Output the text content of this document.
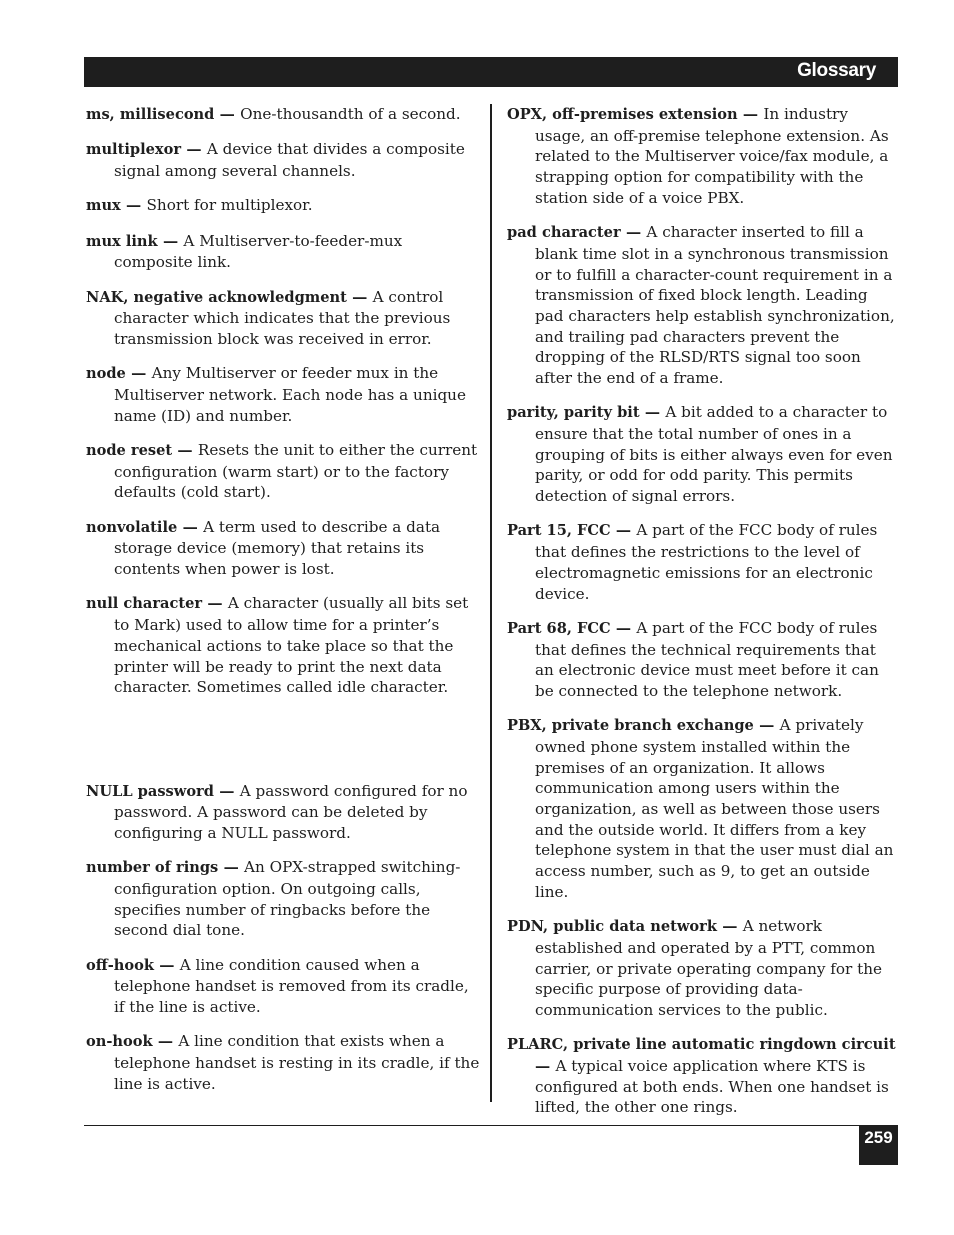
Glossary

ms, millisecond — One-thousandth of a second.

multiplexor — A device that divides a composite signal among several channels.

mux — Short for multiplexor.

mux link — A Multiserver-to-feeder-mux composite link.

NAK, negative acknowledgment — A control character which indicates that the previous transmission block was received in error.

node — Any Multiserver or feeder mux in the Multiserver network. Each node has a unique name (ID) and number.

node reset — Resets the unit to either the current configuration (warm start) or to the factory defaults (cold start).

nonvolatile — A term used to describe a data storage device (memory) that retains its contents when power is lost.

null character — A character (usually all bits set to Mark) used to allow time for a printer’s mechanical actions to take place so that the printer will be ready to print the next data character. Sometimes called idle character.

NULL password — A password configured for no password. A password can be deleted by configuring a NULL password.

number of rings — An OPX-strapped switching-configuration option. On outgoing calls, specifies number of ringbacks before the second dial tone.

off-hook — A line condition caused when a telephone handset is removed from its cradle, if the line is active.

on-hook — A line condition that exists when a telephone handset is resting in its cradle, if the line is active.

OPX, off-premises extension — In industry usage, an off-premise telephone extension. As related to the Multiserver voice/fax module, a strapping option for compatibility with the station side of a voice PBX.

pad character — A character inserted to fill a blank time slot in a synchronous transmission or to fulfill a character-count requirement in a transmission of fixed block length. Leading pad characters help establish synchronization, and trailing pad characters prevent the dropping of the RLSD/RTS signal too soon after the end of a frame.

parity, parity bit — A bit added to a character to ensure that the total number of ones in a grouping of bits is either always even for even parity, or odd for odd parity. This permits detection of signal errors.

Part 15, FCC — A part of the FCC body of rules that defines the restrictions to the level of electromagnetic emissions for an electronic device.

Part 68, FCC — A part of the FCC body of rules that defines the technical requirements that an electronic device must meet before it can be connected to the telephone network.

PBX, private branch exchange — A privately owned phone system installed within the premises of an organization. It allows communication among users within the organization, as well as between those users and the outside world. It differs from a key telephone system in that the user must dial an access number, such as 9, to get an outside line.

PDN, public data network — A network established and operated by a PTT, common carrier, or private operating company for the specific purpose of providing data-communication services to the public.

PLARC, private line automatic ringdown circuit — A typical voice application where KTS is configured at both ends. When one handset is lifted, the other one rings.

259
